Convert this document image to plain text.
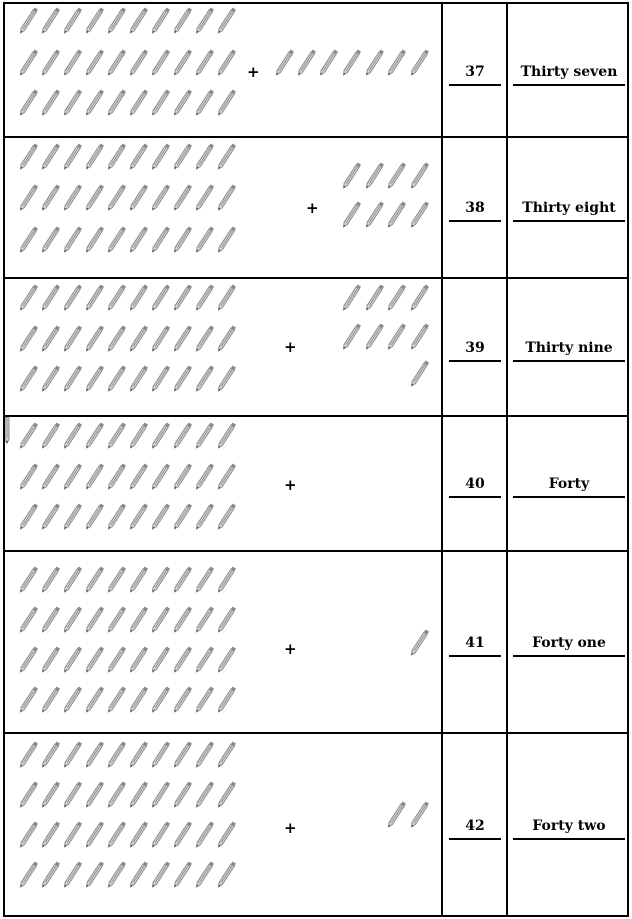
+	37	Thirty seven
+	38	Thirty eight
+	39	Thirty nine
+	40	Forty
+	41	Forty one
+	42	Forty two
